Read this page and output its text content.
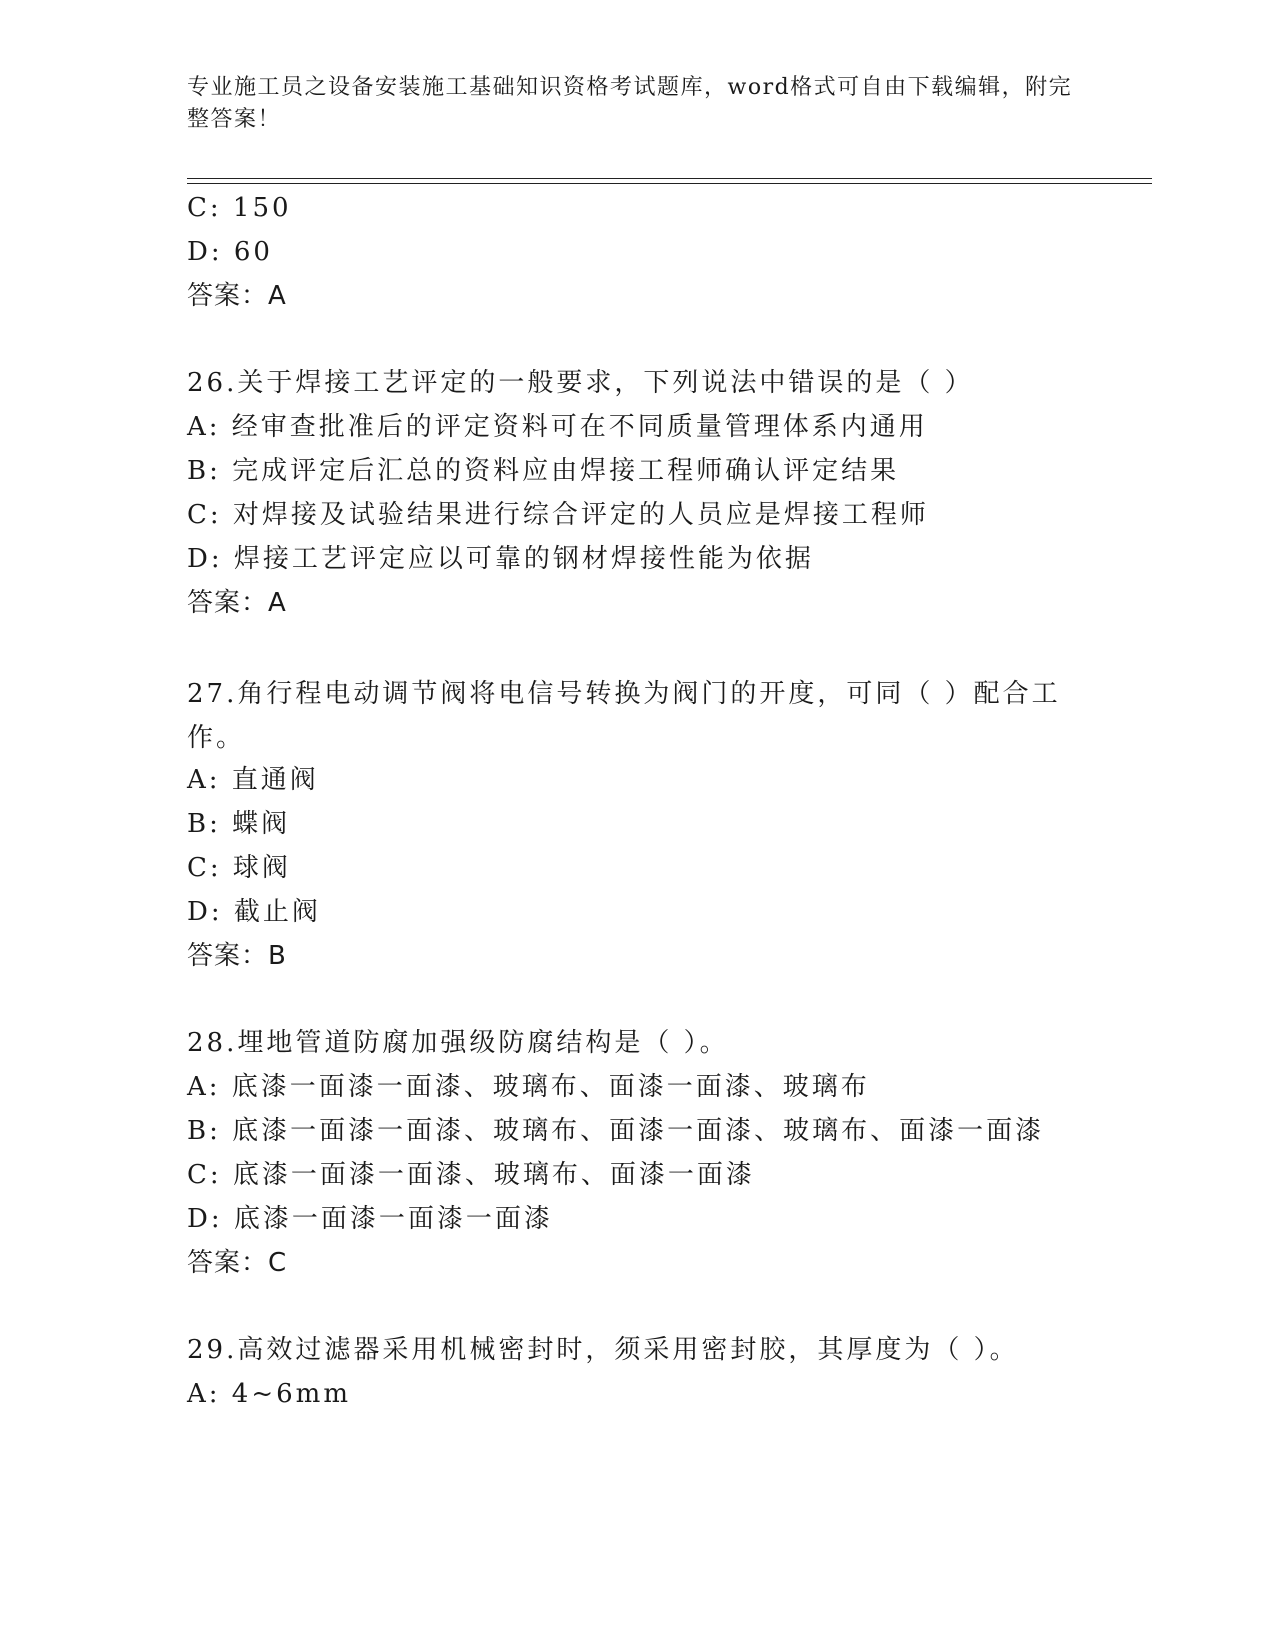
专业施工员之设备安装施工基础知识资格考试题库，word格式可自由下载编辑，附完整答案！
C: 150
D: 60
答案：A
26.关于焊接工艺评定的一般要求，下列说法中错误的是（ ）
A: 经审查批准后的评定资料可在不同质量管理体系内通用
B: 完成评定后汇总的资料应由焊接工程师确认评定结果
C: 对焊接及试验结果进行综合评定的人员应是焊接工程师
D: 焊接工艺评定应以可靠的钢材焊接性能为依据
答案：A
27.角行程电动调节阀将电信号转换为阀门的开度，可同（ ）配合工作。
A: 直通阀
B: 蝶阀
C: 球阀
D: 截止阀
答案：B
28.埋地管道防腐加强级防腐结构是（ ）。
A: 底漆一面漆一面漆、玻璃布、面漆一面漆、玻璃布
B: 底漆一面漆一面漆、玻璃布、面漆一面漆、玻璃布、面漆一面漆
C: 底漆一面漆一面漆、玻璃布、面漆一面漆
D: 底漆一面漆一面漆一面漆
答案：C
29.高效过滤器采用机械密封时，须采用密封胶，其厚度为（ ）。
A: 4~6mm
